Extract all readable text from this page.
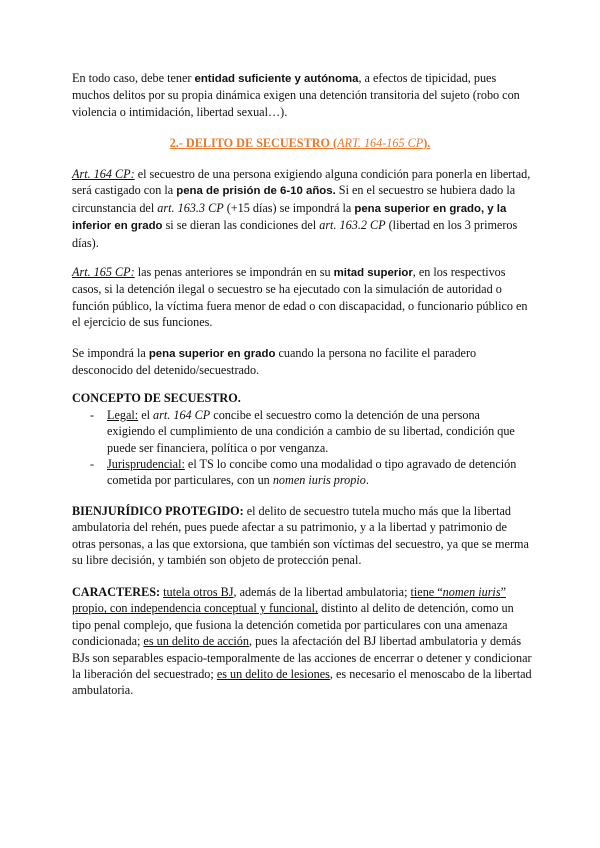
En todo caso, debe tener entidad suficiente y autónoma, a efectos de tipicidad, pues muchos delitos por su propia dinámica exigen una detención transitoria del sujeto (robo con violencia o intimidación, libertad sexual…).

2.- DELITO DE SECUESTRO (ART. 164-165 CP).

Art. 164 CP: el secuestro de una persona exigiendo alguna condición para ponerla en libertad, será castigado con la pena de prisión de 6-10 años. Si en el secuestro se hubiera dado la circunstancia del art. 163.3 CP (+15 días) se impondrá la pena superior en grado, y la inferior en grado si se dieran las condiciones del art. 163.2 CP (libertad en los 3 primeros días).

Art. 165 CP: las penas anteriores se impondrán en su mitad superior, en los respectivos casos, si la detención ilegal o secuestro se ha ejecutado con la simulación de autoridad o función público, la víctima fuera menor de edad o con discapacidad, o funcionario público en el ejercicio de sus funciones.

Se impondrá la pena superior en grado cuando la persona no facilite el paradero desconocido del detenido/secuestrado.

CONCEPTO DE SECUESTRO.

- Legal: el art. 164 CP concibe el secuestro como la detención de una persona exigiendo el cumplimiento de una condición a cambio de su libertad, condición que puede ser financiera, política o por venganza.

- Jurisprudencial: el TS lo concibe como una modalidad o tipo agravado de detención cometida por particulares, con un nomen iuris propio.

BIENJURÍDICO PROTEGIDO: el delito de secuestro tutela mucho más que la libertad ambulatoria del rehén, pues puede afectar a su patrimonio, y a la libertad y patrimonio de otras personas, a las que extorsiona, que también son víctimas del secuestro, ya que se merma su libre decisión, y también son objeto de protección penal.

CARACTERES: tutela otros BJ, además de la libertad ambulatoria; tiene “nomen iuris” propio, con independencia conceptual y funcional, distinto al delito de detención, como un tipo penal complejo, que fusiona la detención cometida por particulares con una amenaza condicionada; es un delito de acción, pues la afectación del BJ libertad ambulatoria y demás BJs son separables espacio-temporalmente de las acciones de encerrar o detener y condicionar la liberación del secuestrado; es un delito de lesiones, es necesario el menoscabo de la libertad ambulatoria.
